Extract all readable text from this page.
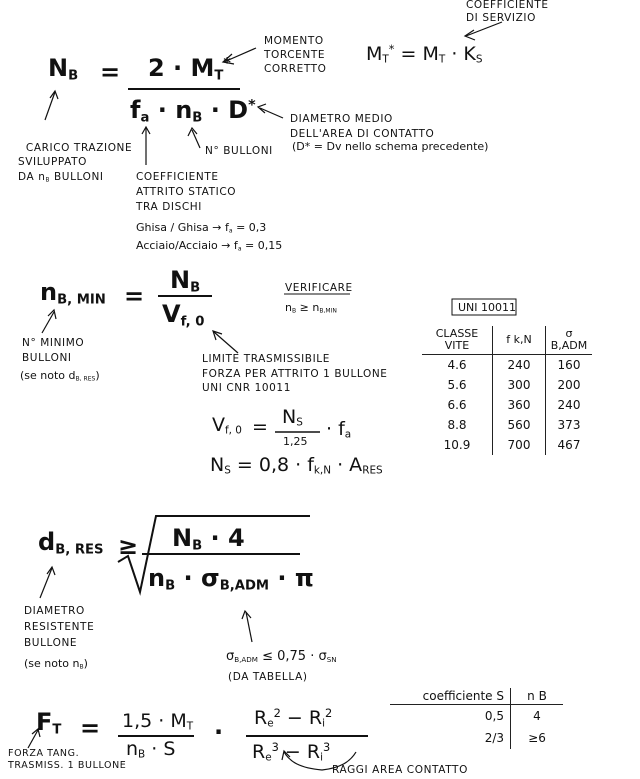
$N_B = 2 \cdot M_T^*$
$f_a \cdot n_B \cdot D^*$
MOMENTO
TORCENTE
CORRETTO
$M_T^* = M_T \cdot K_S$
COEFFICIENTE
DI SERVIZIO

CARICO TRAZIONE
SVILUPPATO
DA $n_B$ BULLONI

DIAMETRO MEDIO
DELL'AREA DI CONTATTO
(D* = Dv nello schema precedente)
N° BULLONI
COEFFICIENTE
ATTRITO STATICO
TRA DISCHI
Ghisa / Ghisa → $f_a = 0,3$
Acciaio/Acciaio → $f_a = 0,15$
$n_{B, MIN}$ =
$N_B$
$V_{f, 0}$
VERIFICARE
$n_B \ge n_{B,MIN}$
N° MINIMO
BULLONI
(se noto $d_{B, RES}$)
LIMITE TRASMISSIBILE
FORZA PER ATTRITO 1 BULLONE
UNI CNR 10011
$V_{f, 0} = N_S$
1,25
· $f_a$
$N_S = 0,8 \cdot f_{k,N} \cdot A_{RES}$
UNI 10011
CLASSE VITE	f k,N	σ B,ADM
4.6	240	160
5.6	300	200
6.6	360	240
8.8	560	373
10.9	700	467
$d_{B, RES} \ge N_B \cdot 4$
$n_B \cdot \sigma_{B,ADM} \cdot \pi$
DIAMETRO
RESISTENTE
BULLONE
(se noto $n_B$)	$\sigma_{B,ADM} \le 0,75 \cdot \sigma_{SN}$
(DA TABELLA)
$F_T = 1,5 \cdot M_T$
$n_B \cdot S$
·
$R_e^2 - R_i^2$
$R_e^3 - R_i^3$
FORZA TANG.
TRASMISS. 1 BULLONE	RAGGI AREA CONTATTO
coefficiente S	n B
0,5	4
2/3	≥6
